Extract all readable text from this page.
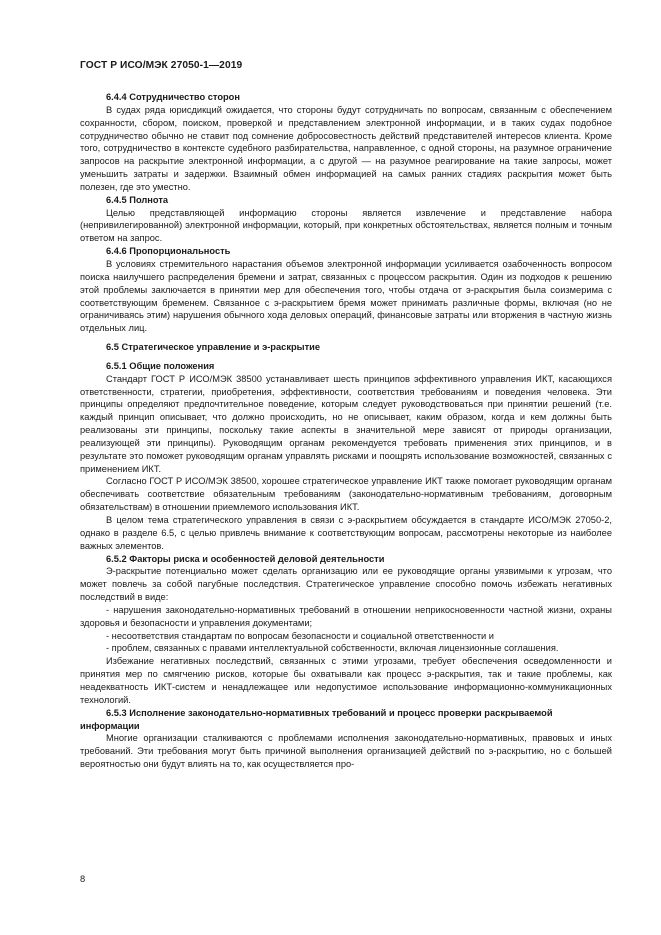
ГОСТ Р ИСО/МЭК 27050-1—2019

6.4.4 Сотрудничество сторон

В судах ряда юрисдикций ожидается, что стороны будут сотрудничать по вопросам, связанным с обеспечением сохранности, сбором, поиском, проверкой и представлением электронной информации, и в таких судах подобное сотрудничество обычно не ставит под сомнение добросовестность действий представителей интересов клиента. Кроме того, сотрудничество в контексте судебного разбирательства, направленное, с одной стороны, на разумное ограничение запросов на раскрытие электронной информации, а с другой — на разумное реагирование на такие запросы, может уменьшить затраты и задержки. Взаимный обмен информацией на самых ранних стадиях раскрытия может быть полезен, где это уместно.

6.4.5 Полнота

Целью представляющей информацию стороны является извлечение и представление набора (непривилегированной) электронной информации, который, при конкретных обстоятельствах, является полным и точным ответом на запрос.

6.4.6 Пропорциональность

В условиях стремительного нарастания объемов электронной информации усиливается озабоченность вопросом поиска наилучшего распределения бремени и затрат, связанных с процессом раскрытия. Один из подходов к решению этой проблемы заключается в принятии мер для обеспечения того, чтобы отдача от э-раскрытия была соизмерима с соответствующим бременем. Связанное с э-раскрытием бремя может принимать различные формы, включая (но не ограничиваясь этим) нарушения обычного хода деловых операций, финансовые затраты или вторжения в частную жизнь отдельных лиц.

6.5 Стратегическое управление и э-раскрытие

6.5.1 Общие положения

Стандарт ГОСТ Р ИСО/МЭК 38500 устанавливает шесть принципов эффективного управления ИКТ, касающихся ответственности, стратегии, приобретения, эффективности, соответствия требованиям и поведения человека. Эти принципы определяют предпочтительное поведение, которым следует руководствоваться при принятии решений (т.е. каждый принцип описывает, что должно происходить, но не описывает, каким образом, когда и кем должны быть реализованы эти принципы, поскольку такие аспекты в значительной мере зависят от природы организации, реализующей эти принципы). Руководящим органам рекомендуется требовать применения этих принципов, и в результате это поможет руководящим органам управлять рисками и поощрять использование возможностей, связанных с применением ИКТ.

Согласно ГОСТ Р ИСО/МЭК 38500, хорошее стратегическое управление ИКТ также помогает руководящим органам обеспечивать соответствие обязательным требованиям (законодательно-нормативным требованиям, договорным обязательствам) в отношении приемлемого использования ИКТ.

В целом тема стратегического управления в связи с э-раскрытием обсуждается в стандарте ИСО/МЭК 27050-2, однако в разделе 6.5, с целью привлечь внимание к соответствующим вопросам, рассмотрены некоторые из наиболее важных элементов.

6.5.2 Факторы риска и особенностей деловой деятельности

Э-раскрытие потенциально может сделать организацию или ее руководящие органы уязвимыми к угрозам, что может повлечь за собой пагубные последствия. Стратегическое управление способно помочь избежать негативных последствий в виде:

- нарушения законодательно-нормативных требований в отношении неприкосновенности частной жизни, охраны здоровья и безопасности и управления документами;

- несоответствия стандартам по вопросам безопасности и социальной ответственности и

- проблем, связанных с правами интеллектуальной собственности, включая лицензионные соглашения.

Избежание негативных последствий, связанных с этими угрозами, требует обеспечения осведомленности и принятия мер по смягчению рисков, которые бы охватывали как процесс э-раскрытия, так и такие проблемы, как неадекватность ИКТ-систем и ненадлежащее или недопустимое использование информационно-коммуникационных технологий.

6.5.3 Исполнение законодательно-нормативных требований и процесс проверки раскрываемой информации

Многие организации сталкиваются с проблемами исполнения законодательно-нормативных, правовых и иных требований. Эти требования могут быть причиной выполнения организацией действий по э-раскрытию, но с большей вероятностью они будут влиять на то, как осуществляется про-

8
